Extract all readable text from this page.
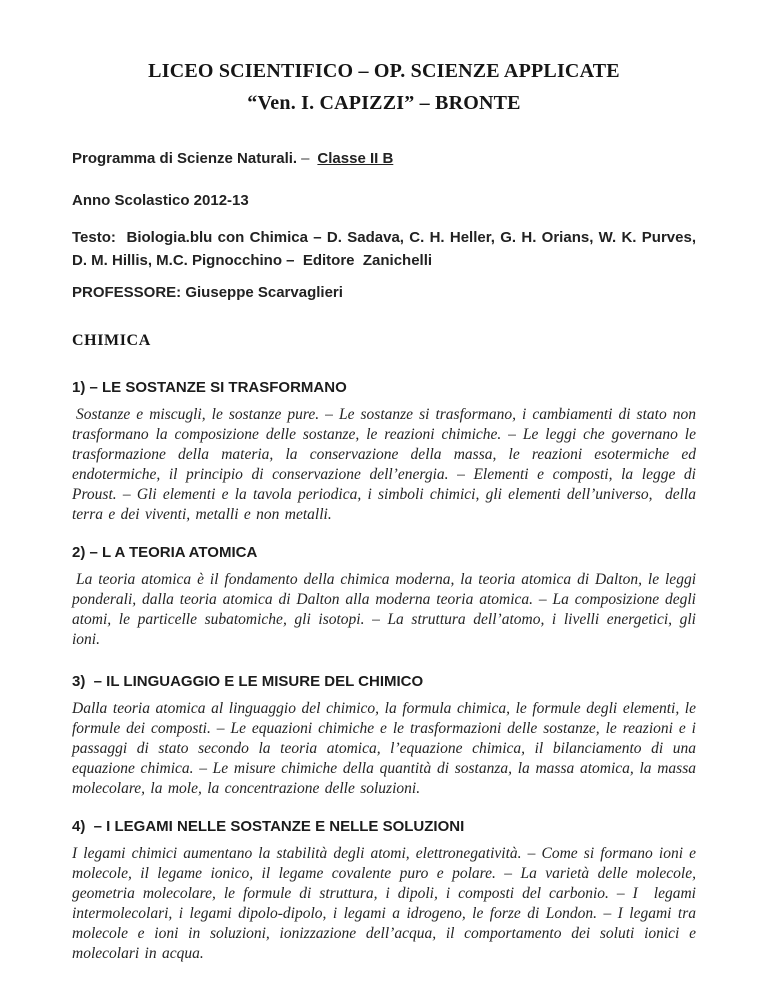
LICEO SCIENTIFICO – OP. SCIENZE APPLICATE
“Ven. I. CAPIZZI” – BRONTE
Programma di Scienze Naturali. – Classe II B
Anno Scolastico 2012-13
Testo:  Biologia.blu con Chimica – D. Sadava, C. H. Heller, G. H. Orians, W. K. Purves, D. M. Hillis, M.C. Pignocchino –  Editore  Zanichelli
PROFESSORE: Giuseppe Scarvaglieri
CHIMICA
1) – LE SOSTANZE SI TRASFORMANO
Sostanze e miscugli, le sostanze pure. – Le sostanze si trasformano, i cambiamenti di stato non trasformano la composizione delle sostanze, le reazioni chimiche. – Le leggi che governano le trasformazione della materia, la conservazione della massa, le reazioni esotermiche ed endotermiche, il principio di conservazione dell’energia. – Elementi e composti, la legge di Proust. – Gli elementi e la tavola periodica, i simboli chimici, gli elementi dell’universo,  della terra e dei viventi, metalli e non metalli.
2) – L A TEORIA ATOMICA
La teoria atomica è il fondamento della chimica moderna, la teoria atomica di Dalton, le leggi ponderali, dalla teoria atomica di Dalton alla moderna teoria atomica. – La composizione degli atomi, le particelle subatomiche, gli isotopi. – La struttura dell’atomo, i livelli energetici, gli ioni.
3)  – IL LINGUAGGIO E LE MISURE DEL CHIMICO
Dalla teoria atomica al linguaggio del chimico, la formula chimica, le formule degli elementi, le formule dei composti. – Le equazioni chimiche e le trasformazioni delle sostanze, le reazioni e i passaggi di stato secondo la teoria atomica, l’equazione chimica, il bilanciamento di una equazione chimica. – Le misure chimiche della quantità di sostanza, la massa atomica, la massa molecolare, la mole, la concentrazione delle soluzioni.
4)  – I LEGAMI NELLE SOSTANZE E NELLE SOLUZIONI
I legami chimici aumentano la stabilità degli atomi, elettronegatività. – Come si formano ioni e molecole, il legame ionico, il legame covalente puro e polare. – La varietà delle molecole, geometria molecolare, le formule di struttura, i dipoli, i composti del carbonio. – I  legami intermolecolari, i legami dipolo-dipolo, i legami a idrogeno, le forze di London. – I legami tra molecole e ioni in soluzioni, ionizzazione dell’acqua, il comportamento dei soluti ionici e molecolari in acqua.
